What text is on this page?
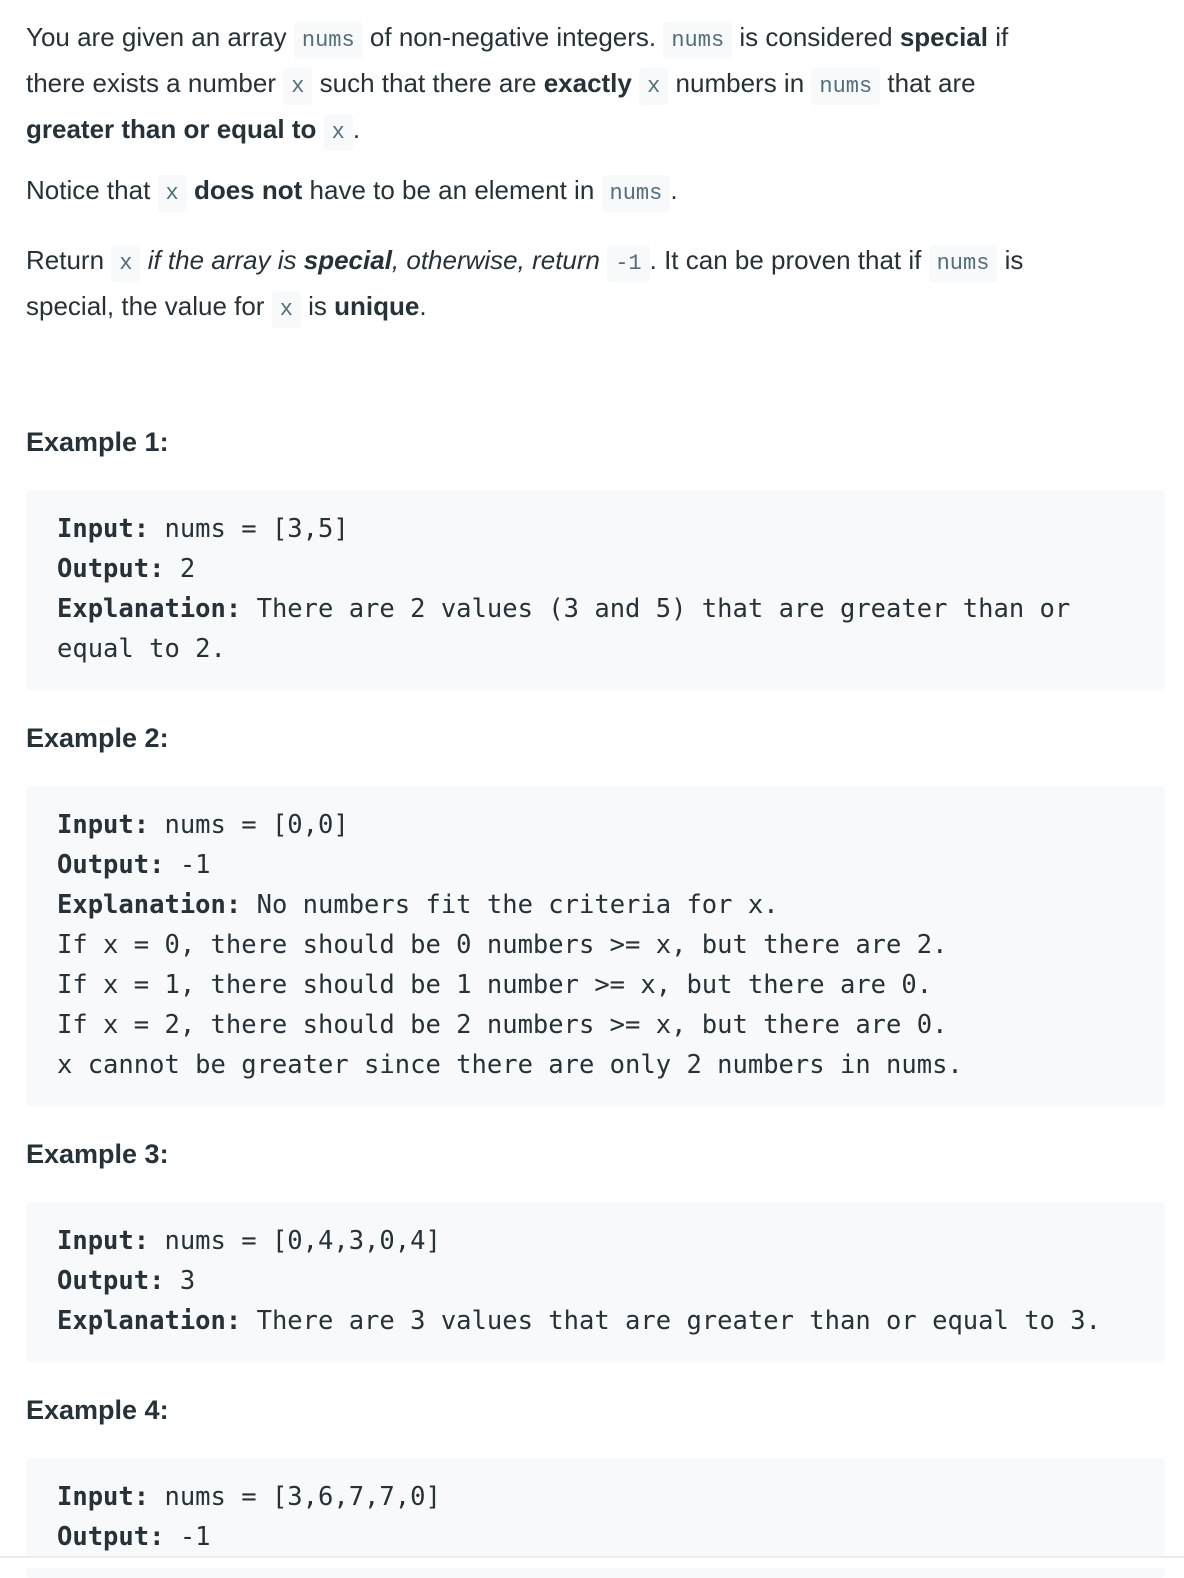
You are given an array nums of non-negative integers. nums is considered special if
there exists a number x such that there are exactly x numbers in nums that are
greater than or equal to x .
Notice that x does not have to be an element in nums .
Return x if the array is special, otherwise, return -1 . It can be proven that if nums is
special, the value for x is unique.
Example 1:
Input: nums = [3,5]
Output: 2
Explanation: There are 2 values (3 and 5) that are greater than or equal to 2.
Example 2:
Input: nums = [0,0]
Output: -1
Explanation: No numbers fit the criteria for x.
If x = 0, there should be 0 numbers >= x, but there are 2.
If x = 1, there should be 1 number >= x, but there are 0.
If x = 2, there should be 2 numbers >= x, but there are 0.
x cannot be greater since there are only 2 numbers in nums.
Example 3:
Input: nums = [0,4,3,0,4]
Output: 3
Explanation: There are 3 values that are greater than or equal to 3.
Example 4:
Input: nums = [3,6,7,7,0]
Output: -1
